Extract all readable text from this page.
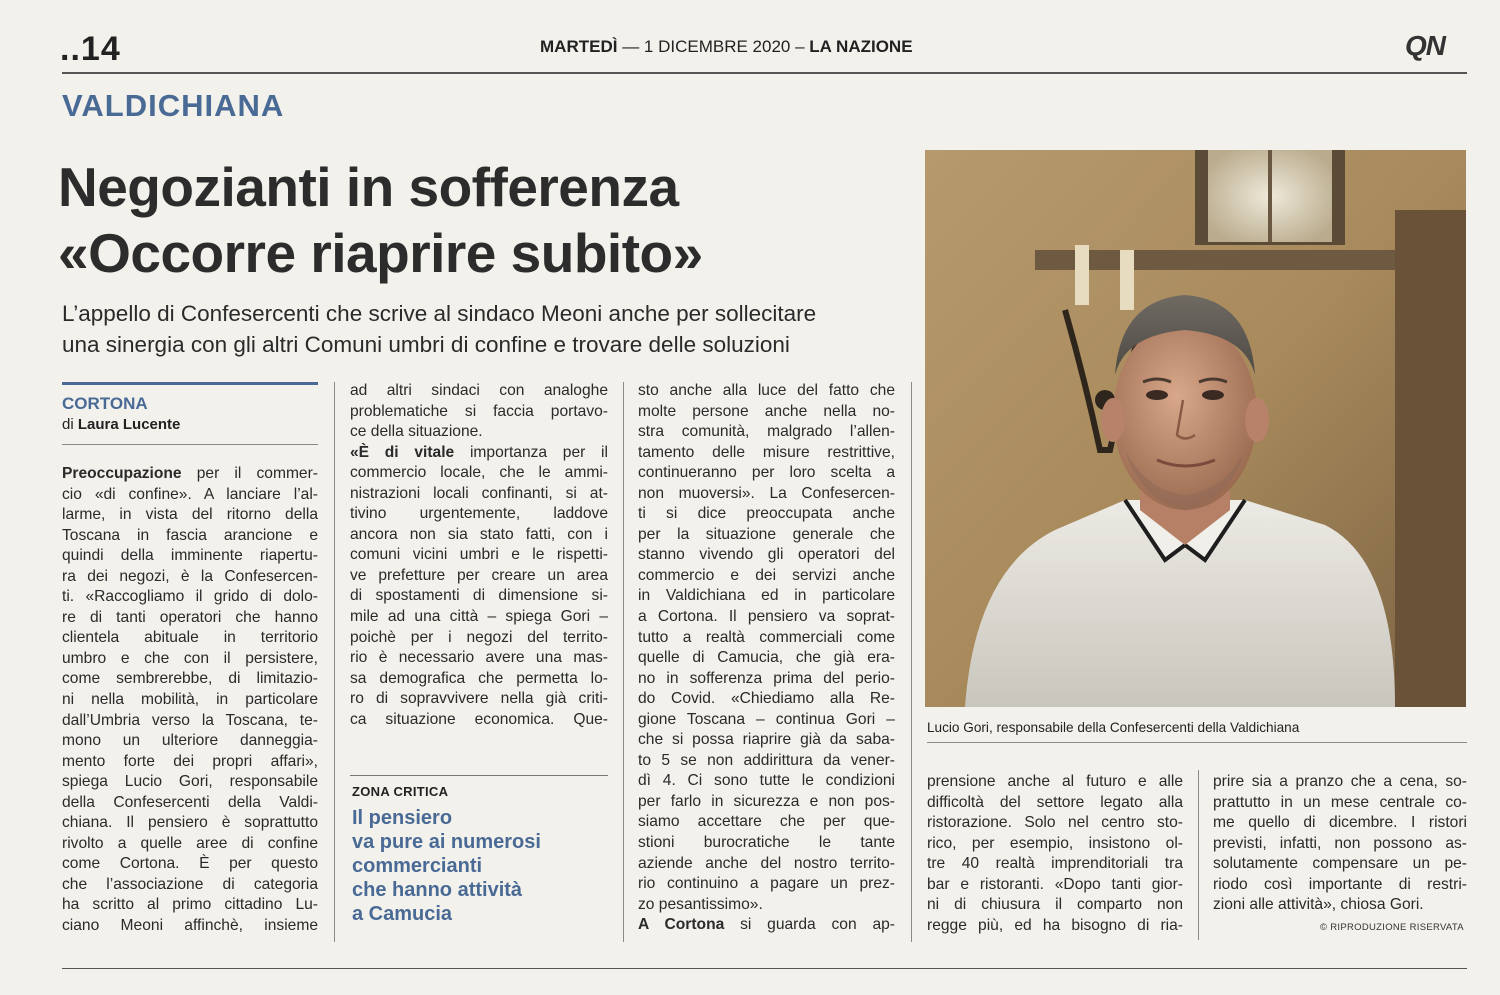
..14	MARTEDÌ — 1 DICEMBRE 2020 – LA NAZIONE	QN
VALDICHIANA
Negozianti in sofferenza
«Occorre riaprire subito»
L’appello di Confesercenti che scrive al sindaco Meoni anche per sollecitare
una sinergia con gli altri Comuni umbri di confine e trovare delle soluzioni
CORTONA
di Laura Lucente
Preoccupazione per il commer-
cio «di confine». A lanciare l’al-
larme, in vista del ritorno della
Toscana in fascia arancione e
quindi della imminente riapertu-
ra dei negozi, è la Confesercen-
ti. «Raccogliamo il grido di dolo-
re di tanti operatori che hanno
clientela abituale in territorio
umbro e che con il persistere,
come sembrerebbe, di limitazio-
ni nella mobilità, in particolare
dall’Umbria verso la Toscana, te-
mono un ulteriore danneggia-
mento forte dei propri affari»,
spiega Lucio Gori, responsabile
della Confesercenti della Valdi-
chiana. Il pensiero è soprattutto
rivolto a quelle aree di confine
come Cortona. È per questo
che l’associazione di categoria
ha scritto al primo cittadino Lu-
ciano Meoni affinchè, insieme
ad altri sindaci con analoghe
problematiche si faccia portavo-
ce della situazione.
«È di vitale importanza per il
commercio locale, che le ammi-
nistrazioni locali confinanti, si at-
tivino urgentemente, laddove
ancora non sia stato fatti, con i
comuni vicini umbri e le rispetti-
ve prefetture per creare un area
di spostamenti di dimensione si-
mile ad una città – spiega Gori –
poichè per i negozi del territo-
rio è necessario avere una mas-
sa demografica che permetta lo-
ro di sopravvivere nella già criti-
ca situazione economica. Que-
sto anche alla luce del fatto che
molte persone anche nella no-
stra comunità, malgrado l’allen-
tamento delle misure restrittive,
continueranno per loro scelta a
non muoversi». La Confesercen-
ti si dice preoccupata anche
per la situazione generale che
stanno vivendo gli operatori del
commercio e dei servizi anche
in Valdichiana ed in particolare
a Cortona. Il pensiero va soprat-
tutto a realtà commerciali come
quelle di Camucia, che già era-
no in sofferenza prima del perio-
do Covid. «Chiediamo alla Re-
gione Toscana – continua Gori –
che si possa riaprire già da saba-
to 5 se non addirittura da vener-
dì 4. Ci sono tutte le condizioni
per farlo in sicurezza e non pos-
siamo accettare che per que-
stioni burocratiche le tante
aziende anche del nostro territo-
rio continuino a pagare un prez-
zo pesantissimo».
A Cortona si guarda con ap-
prensione anche al futuro e alle
difficoltà del settore legato alla
ristorazione. Solo nel centro sto-
rico, per esempio, insistono ol-
tre 40 realtà imprenditoriali tra
bar e ristoranti. «Dopo tanti gior-
ni di chiusura il comparto non
regge più, ed ha bisogno di ria-
prire sia a pranzo che a cena, so-
prattutto in un mese centrale co-
me quello di dicembre. I ristori
previsti, infatti, non possono as-
solutamente compensare un pe-
riodo così importante di restri-
zioni alle attività», chiosa Gori.
ZONA CRITICA
Il pensiero
va pure ai numerosi
commercianti
che hanno attività
a Camucia
Lucio Gori, responsabile della Confesercenti della Valdichiana
© RIPRODUZIONE RISERVATA
